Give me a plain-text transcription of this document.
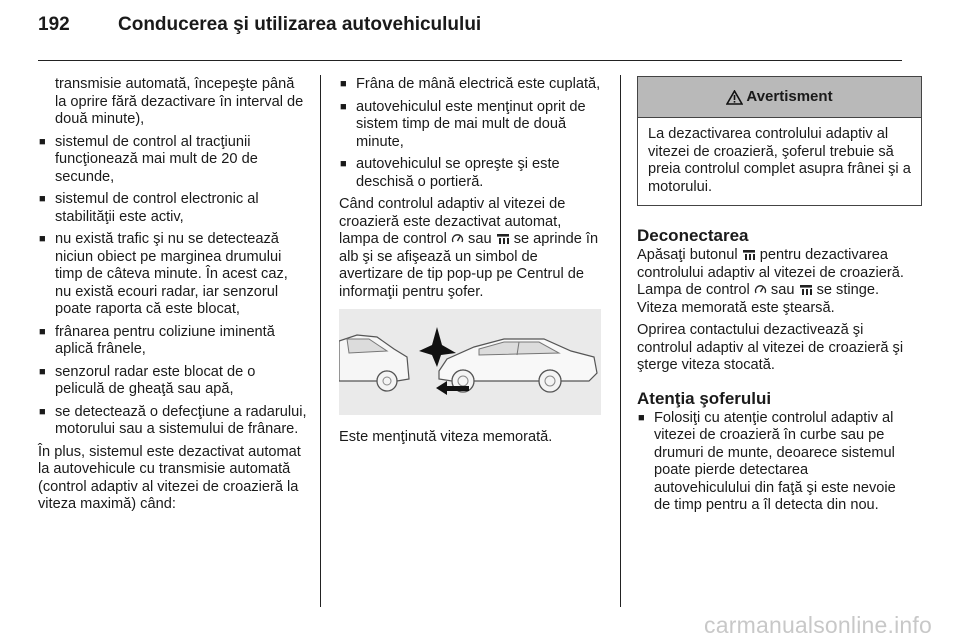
192	Conducerea şi utilizarea autovehiculului

transmisie automată, începeşte până la oprire fără dezactivare în interval de două minute),

■ sistemul de control al tracţiunii funcţionează mai mult de 20 de secunde,
■ sistemul de control electronic al stabilităţii este activ,
■ nu există trafic şi nu se detectează niciun obiect pe marginea drumului timp de câteva minute. În acest caz, nu există ecouri radar, iar senzorul poate raporta că este blocat,
■ frânarea pentru coliziune iminentă aplică frânele,
■ senzorul radar este blocat de o peliculă de gheaţă sau apă,
■ se detectează o defecţiune a radarului, motorului sau a sistemului de frânare.

În plus, sistemul este dezactivat automat la autovehicule cu transmisie automată (control adaptiv al vitezei de croazieră la viteza maximă) când:

■ Frâna de mână electrică este cuplată,
■ autovehiculul este menţinut oprit de sistem timp de mai mult de două minute,
■ autovehiculul se opreşte şi este deschisă o portieră.

Când controlul adaptiv al vitezei de croazieră este dezactivat automat, lampa de control sau se aprinde în alb şi se afişează un simbol de avertizare de tip pop-up pe Centrul de informaţii pentru şofer.

Este menţinută viteza memorată.

Avertisment
La dezactivarea controlului adaptiv al vitezei de croazieră, şoferul trebuie să preia controlul complet asupra frânei şi a motorului.
Deconectarea

Apăsaţi butonul pentru dezactivarea controlului adaptiv al vitezei de croazieră. Lampa de control sau se stinge. Viteza memorată este ştearsă.

Oprirea contactului dezactivează şi controlul adaptiv al vitezei de croazieră şi şterge viteza stocată.

Atenţia şoferului
■ Folosiţi cu atenţie controlul adaptiv al vitezei de croazieră în curbe sau pe drumuri de munte, deoarece sistemul poate pierde detectarea autovehiculului din faţă şi este nevoie de timp pentru a îl detecta din nou.
carmanualsonline.info
